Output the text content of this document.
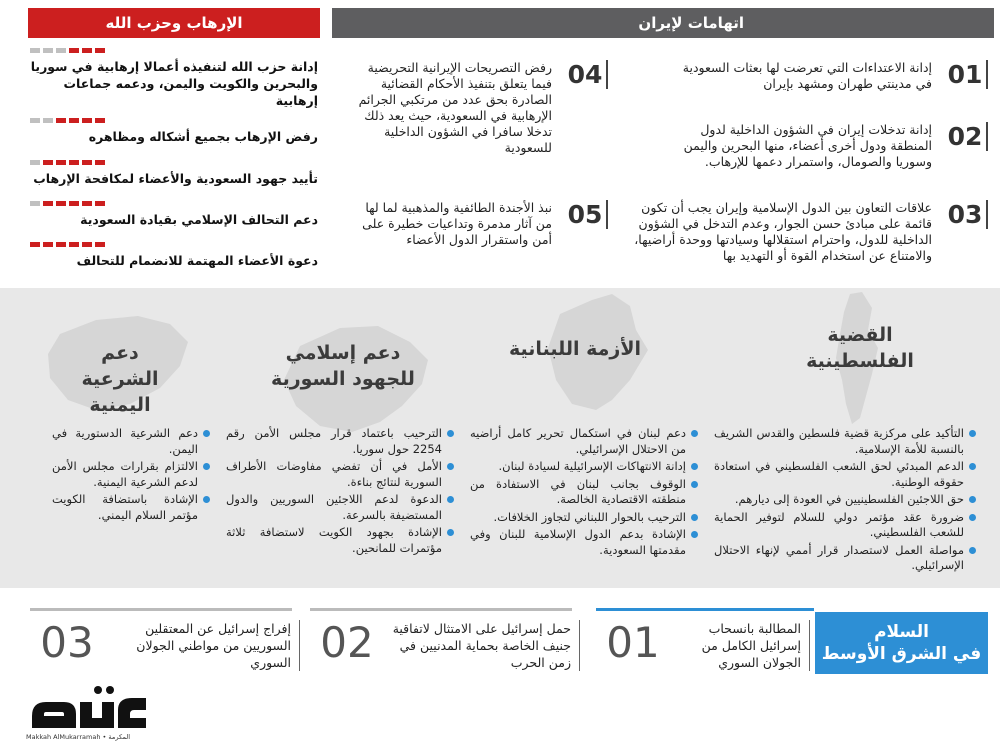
اتهامات لإيران
الإرهاب وحزب الله
إدانة حزب الله لتنفيذه أعمالا إرهابية في سوريا والبحرين والكويت واليمن، ودعمه جماعات إرهابية
رفض الإرهاب بجميع أشكاله ومظاهره
تأييد جهود السعودية والأعضاء لمكافحة الإرهاب
دعم التحالف الإسلامي بقيادة السعودية
دعوة الأعضاء المهتمة للانضمام للتحالف
01
إدانة الاعتداءات التي تعرضت لها بعثات السعودية في مدينتي طهران ومشهد بإيران
02
إدانة تدخلات إيران في الشؤون الداخلية لدول المنطقة ودول أخرى أعضاء، منها البحرين واليمن وسوريا والصومال، واستمرار دعمها للإرهاب.
03
علاقات التعاون بين الدول الإسلامية وإيران يجب أن تكون قائمة على مبادئ حسن الجوار، وعدم التدخل في الشؤون الداخلية للدول، واحترام استقلالها وسيادتها ووحدة أراضيها، والامتناع عن استخدام القوة أو التهديد بها
04
رفض التصريحات الإيرانية التحريضية فيما يتعلق بتنفيذ الأحكام القضائية الصادرة بحق عدد من مرتكبي الجرائم الإرهابية في السعودية، حيث يعد ذلك تدخلا سافرا في الشؤون الداخلية للسعودية
05
نبذ الأجندة الطائفية والمذهبية لما لها من آثار مدمرة وتداعيات خطيرة على أمن واستقرار الدول الأعضاء
القضية الفلسطينية
الأزمة اللبنانية
دعم إسلامي للجهود السورية
دعم الشرعية اليمنية
التأكيد على مركزية قضية فلسطين والقدس الشريف بالنسبة للأمة الإسلامية.
الدعم المبدئي لحق الشعب الفلسطيني في استعادة حقوقه الوطنية.
حق اللاجئين الفلسطينيين في العودة إلى ديارهم.
ضرورة عقد مؤتمر دولي للسلام لتوفير الحماية للشعب الفلسطيني.
مواصلة العمل لاستصدار قرار أممي لإنهاء الاحتلال الإسرائيلي.
دعم لبنان في استكمال تحرير كامل أراضيه من الاحتلال الإسرائيلي.
إدانة الانتهاكات الإسرائيلية لسيادة لبنان.
الوقوف بجانب لبنان في الاستفادة من منطقته الاقتصادية الخالصة.
الترحيب بالحوار اللبناني لتجاوز الخلافات.
الإشادة بدعم الدول الإسلامية للبنان وفي مقدمتها السعودية.
الترحيب باعتماد قرار مجلس الأمن رقم 2254 حول سوريا.
الأمل في أن تفضي مفاوضات الأطراف السورية لنتائج بناءة.
الدعوة لدعم اللاجئين السوريين والدول المستضيفة بالسرعة.
الإشادة بجهود الكويت لاستضافة ثلاثة مؤتمرات للمانحين.
دعم الشرعية الدستورية في اليمن.
الالتزام بقرارات مجلس الأمن لدعم الشرعية اليمنية.
الإشادة باستضافة الكويت مؤتمر السلام اليمني.
السلام
في الشرق الأوسط
المطالبة بانسحاب إسرائيل الكامل من الجولان السوري
01
حمل إسرائيل على الامتثال لاتفاقية جنيف الخاصة بحماية المدنيين في زمن الحرب
02
إفراج إسرائيل عن المعتقلين السوريين من مواطني الجولان السوري
03
Makkah AlMukarramah • المكرمة
